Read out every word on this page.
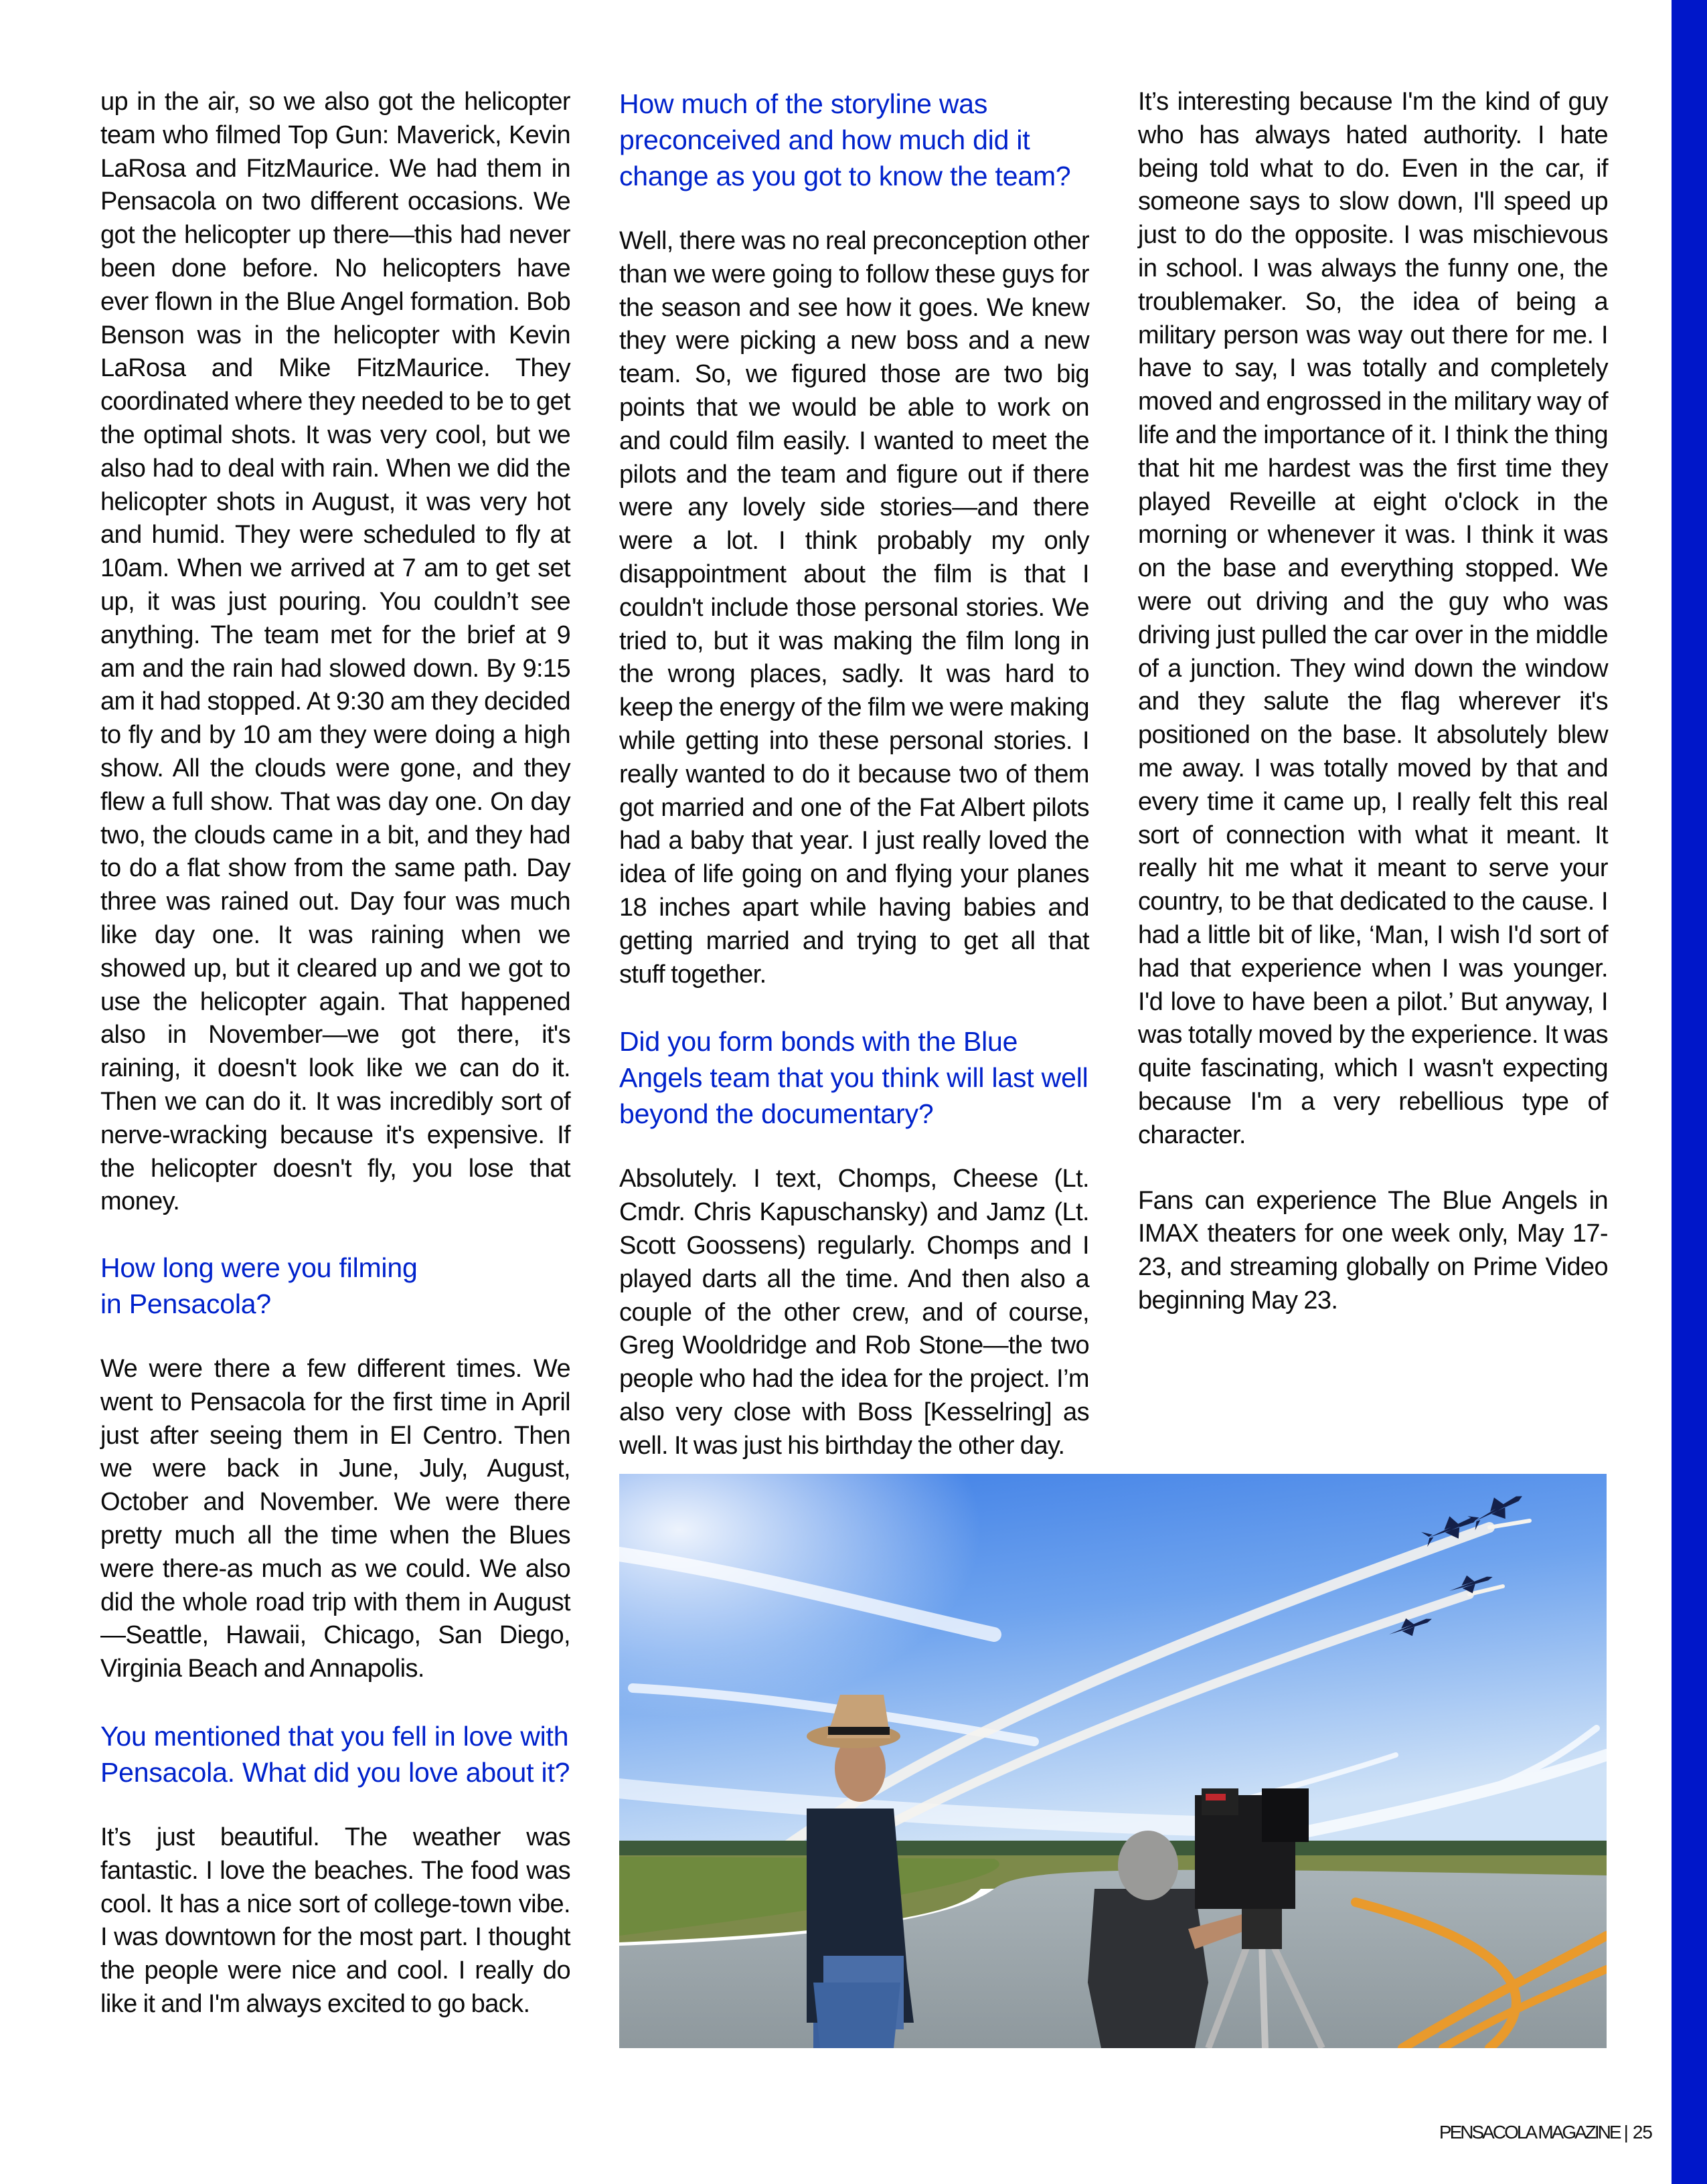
up in the air, so we also got the helicopter team who filmed Top Gun: Maverick, Kevin LaRosa and FitzMaurice. We had them in Pensacola on two different occasions. We got the helicopter up there—this had never been done before. No helicopters have ever flown in the Blue Angel formation. Bob Benson was in the helicopter with Kevin LaRosa and Mike FitzMaurice. They coordinated where they needed to be to get the optimal shots. It was very cool, but we also had to deal with rain. When we did the helicopter shots in August, it was very hot and humid. They were scheduled to fly at 10am. When we arrived at 7 am to get set up, it was just pouring. You couldn’t see anything. The team met for the brief at 9 am and the rain had slowed down. By 9:15 am it had stopped. At 9:30 am they decided to fly and by 10 am they were doing a high show. All the clouds were gone, and they flew a full show. That was day one. On day two, the clouds came in a bit, and they had to do a flat show from the same path. Day three was rained out. Day four was much like day one. It was raining when we showed up, but it cleared up and we got to use the helicopter again. That happened also in November—we got there, it's raining, it doesn't look like we can do it. Then we can do it. It was incredibly sort of nerve-wracking because it's expensive. If the helicopter doesn't fly, you lose that money.

How long were you filming
in Pensacola?

We were there a few different times. We went to Pensacola for the first time in April just after seeing them in El Centro. Then we were back in June, July, August, October and November. We were there pretty much all the time when the Blues were there-as much as we could. We also did the whole road trip with them in August—Seattle, Hawaii, Chicago, San Diego, Virginia Beach and Annapolis.

You mentioned that you fell in love with Pensacola. What did you love about it?

It’s just beautiful. The weather was fantastic. I love the beaches. The food was cool. It has a nice sort of college-town vibe. I was downtown for the most part. I thought the people were nice and cool. I really do like it and I'm always excited to go back.

How much of the storyline was preconceived and how much did it change as you got to know the team?

Well, there was no real preconception other than we were going to follow these guys for the season and see how it goes. We knew they were picking a new boss and a new team. So, we figured those are two big points that we would be able to work on and could film easily. I wanted to meet the pilots and the team and figure out if there were any lovely side stories—and there were a lot. I think probably my only disappointment about the film is that I couldn't include those personal stories. We tried to, but it was making the film long in the wrong places, sadly. It was hard to keep the energy of the film we were making while getting into these personal stories. I really wanted to do it because two of them got married and one of the Fat Albert pilots had a baby that year. I just really loved the idea of life going on and flying your planes 18 inches apart while having babies and getting married and trying to get all that stuff together.

Did you form bonds with the Blue Angels team that you think will last well beyond the documentary?

Absolutely. I text, Chomps, Cheese (Lt. Cmdr. Chris Kapuschansky) and Jamz (Lt. Scott Goossens) regularly. Chomps and I played darts all the time. And then also a couple of the other crew, and of course, Greg Wooldridge and Rob Stone—the two people who had the idea for the project. I’m also very close with Boss [Kesselring] as well. It was just his birthday the other day.

It’s interesting because I'm the kind of guy who has always hated authority. I hate being told what to do. Even in the car, if someone says to slow down, I'll speed up just to do the opposite. I was mischievous in school. I was always the funny one, the troublemaker. So, the idea of being a military person was way out there for me. I have to say, I was totally and completely moved and engrossed in the military way of life and the importance of it. I think the thing that hit me hardest was the first time they played Reveille at eight o'clock in the morning or whenever it was. I think it was on the base and everything stopped. We were out driving and the guy who was driving just pulled the car over in the middle of a junction. They wind down the window and they salute the flag wherever it's positioned on the base. It absolutely blew me away. I was totally moved by that and every time it came up, I really felt this real sort of connection with what it meant. It really hit me what it meant to serve your country, to be that dedicated to the cause. I had a little bit of like, ‘Man, I wish I'd sort of had that experience when I was younger. I'd love to have been a pilot.’ But anyway, I was totally moved by the experience. It was quite fascinating, which I wasn't expecting because I'm a very rebellious type of character.

Fans can experience The Blue Angels in IMAX theaters for one week only, May 17- 23, and streaming globally on Prime Video beginning May 23.

PENSACOLA MAGAZINE | 25
